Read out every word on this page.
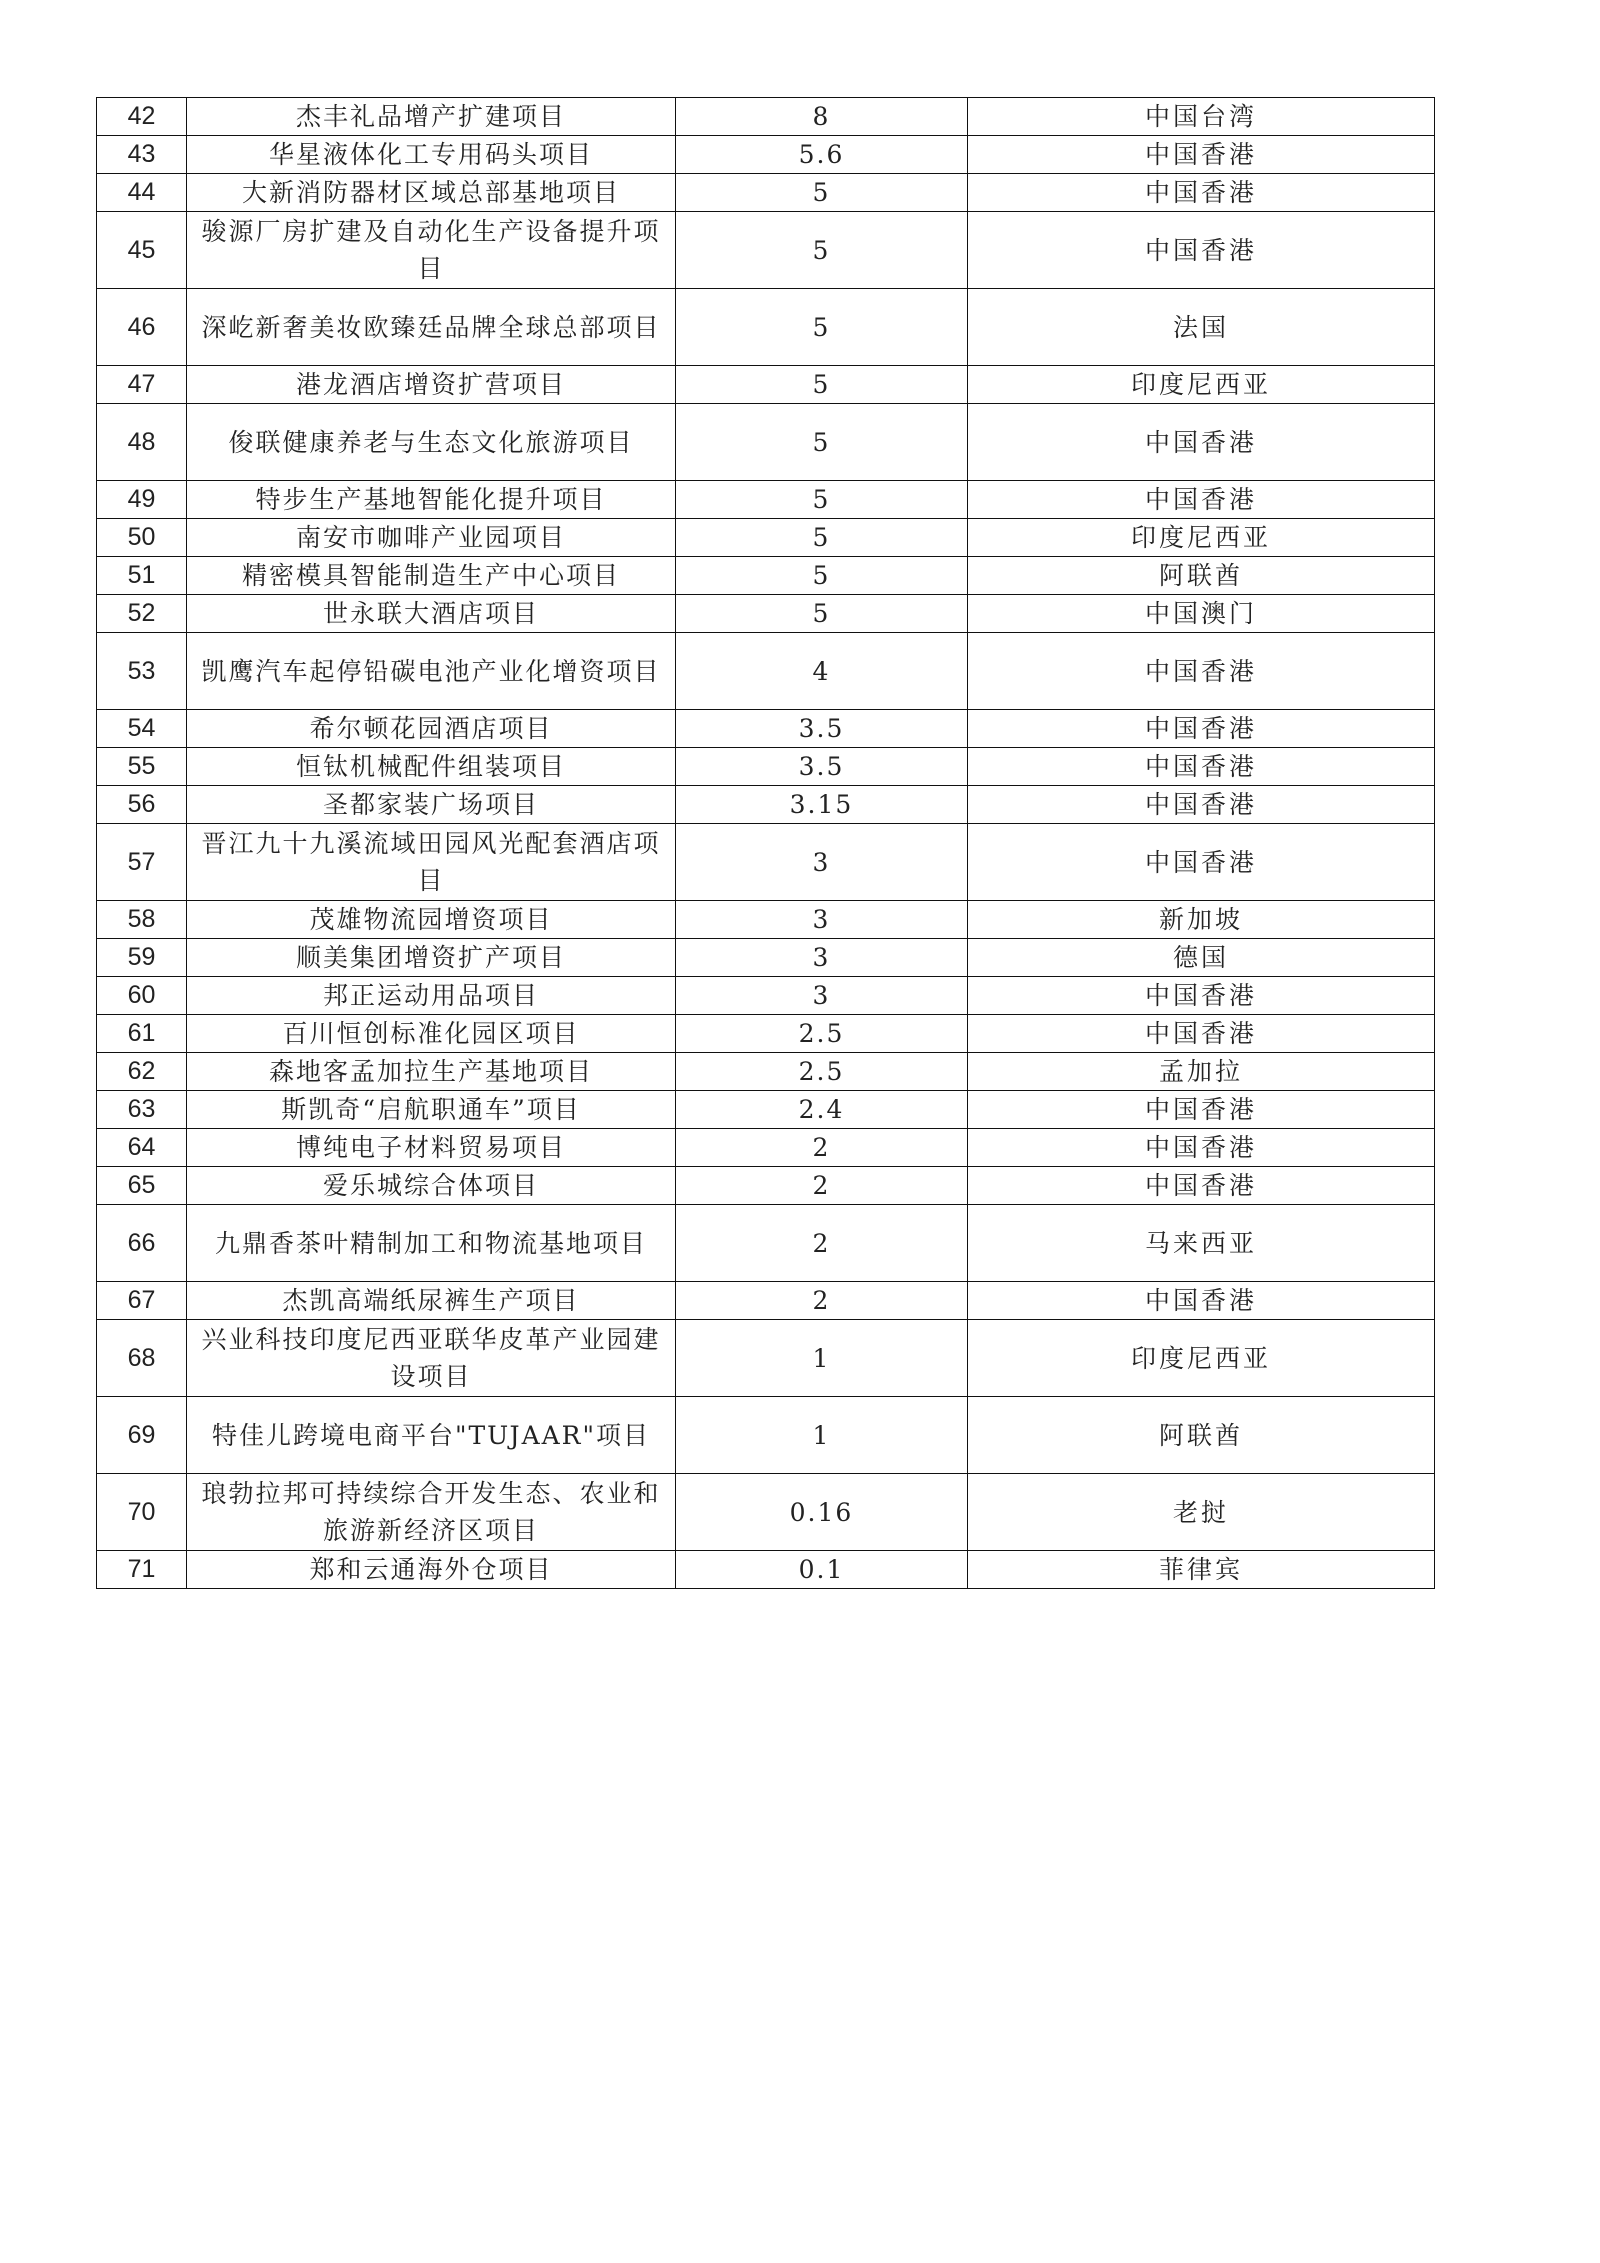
42	杰丰礼品增产扩建项目	8	中国台湾
43	华星液体化工专用码头项目	5.6	中国香港
44	大新消防器材区域总部基地项目	5	中国香港
45	骏源厂房扩建及自动化生产设备提升项目	5	中国香港
46	深屹新奢美妆欧臻廷品牌全球总部项目	5	法国
47	港龙酒店增资扩营项目	5	印度尼西亚
48	俊联健康养老与生态文化旅游项目	5	中国香港
49	特步生产基地智能化提升项目	5	中国香港
50	南安市咖啡产业园项目	5	印度尼西亚
51	精密模具智能制造生产中心项目	5	阿联酋
52	世永联大酒店项目	5	中国澳门
53	凯鹰汽车起停铅碳电池产业化增资项目	4	中国香港
54	希尔顿花园酒店项目	3.5	中国香港
55	恒钛机械配件组装项目	3.5	中国香港
56	圣都家装广场项目	3.15	中国香港
57	晋江九十九溪流域田园风光配套酒店项目	3	中国香港
58	茂雄物流园增资项目	3	新加坡
59	顺美集团增资扩产项目	3	德国
60	邦正运动用品项目	3	中国香港
61	百川恒创标准化园区项目	2.5	中国香港
62	森地客孟加拉生产基地项目	2.5	孟加拉
63	斯凯奇“启航职通车”项目	2.4	中国香港
64	博纯电子材料贸易项目	2	中国香港
65	爱乐城综合体项目	2	中国香港
66	九鼎香茶叶精制加工和物流基地项目	2	马来西亚
67	杰凯高端纸尿裤生产项目	2	中国香港
68	兴业科技印度尼西亚联华皮革产业园建设项目	1	印度尼西亚
69	特佳儿跨境电商平台"TUJAAR"项目	1	阿联酋
70	琅勃拉邦可持续综合开发生态、农业和旅游新经济区项目	0.16	老挝
71	郑和云通海外仓项目	0.1	菲律宾
